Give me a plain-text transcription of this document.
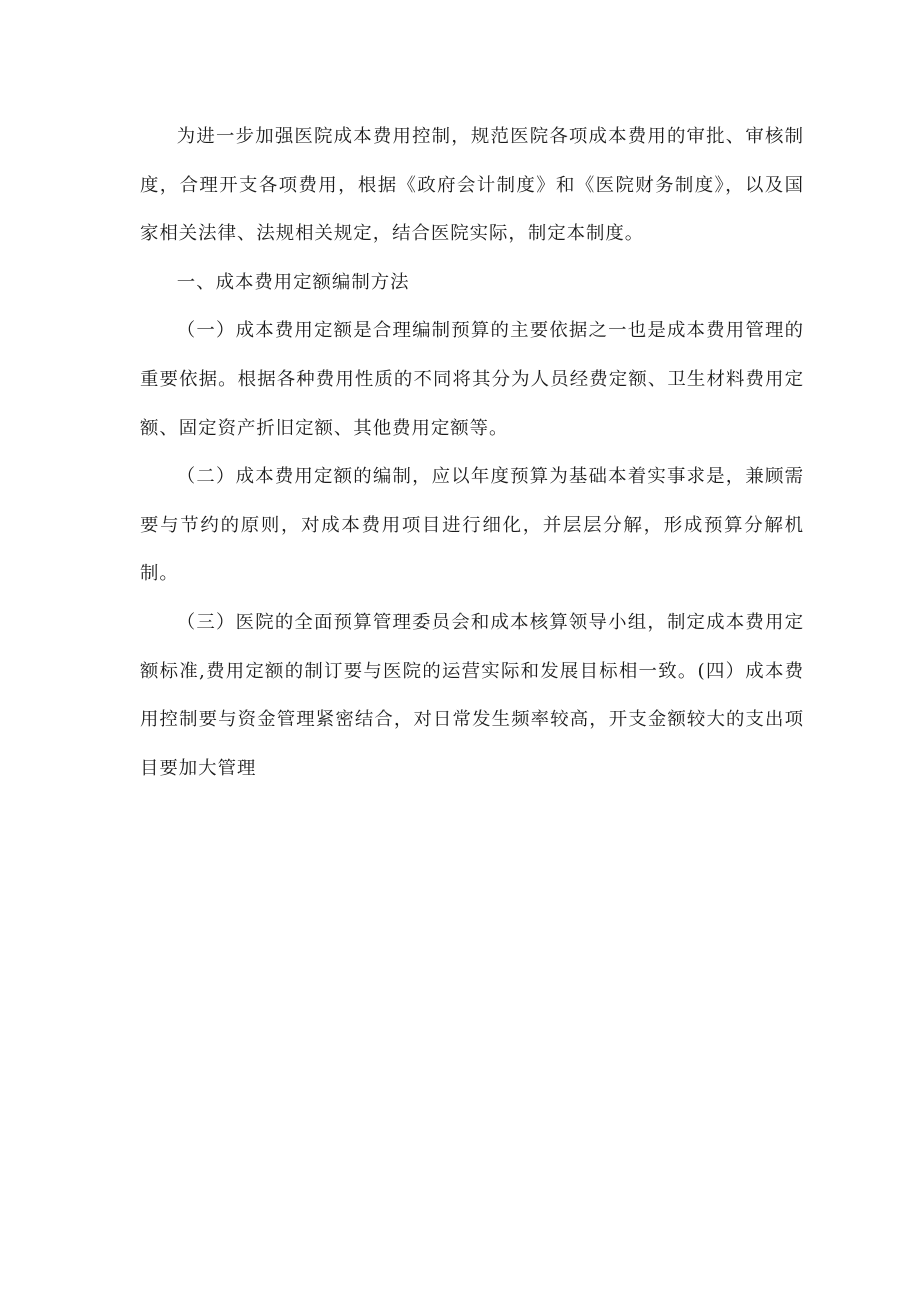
为进一步加强医院成本费用控制，规范医院各项成本费用的审批、审核制度，合理开支各项费用，根据《政府会计制度》和《医院财务制度》，以及国家相关法律、法规相关规定，结合医院实际，制定本制度。

一、成本费用定额编制方法

（一）成本费用定额是合理编制预算的主要依据之一也是成本费用管理的重要依据。根据各种费用性质的不同将其分为人员经费定额、卫生材料费用定额、固定资产折旧定额、其他费用定额等。

（二）成本费用定额的编制，应以年度预算为基础本着实事求是，兼顾需要与节约的原则，对成本费用项目进行细化，并层层分解，形成预算分解机制。

（三）医院的全面预算管理委员会和成本核算领导小组，制定成本费用定额标准,费用定额的制订要与医院的运营实际和发展目标相一致。(四）成本费用控制要与资金管理紧密结合，对日常发生频率较高，开支金额较大的支出项目要加大管理
